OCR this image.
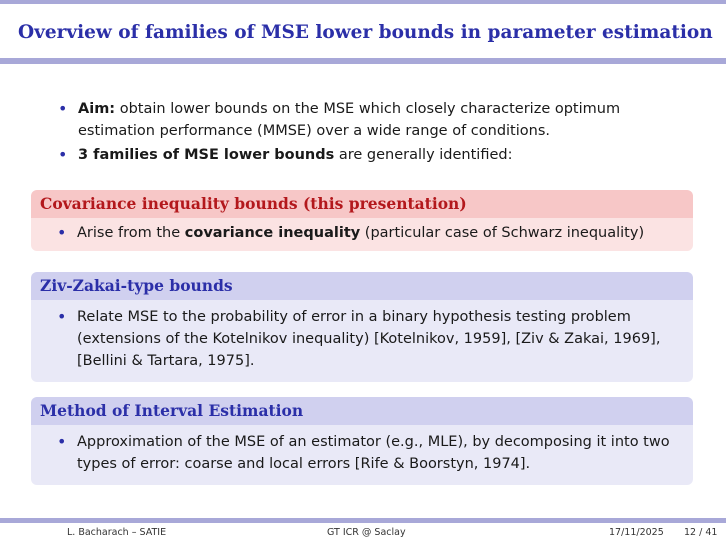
Overview of families of MSE lower bounds in parameter estimation
• Aim: obtain lower bounds on the MSE which closely characterize optimum estimation performance (MMSE) over a wide range of conditions.
• 3 families of MSE lower bounds are generally identified:
Covariance inequality bounds (this presentation)
• Arise from the covariance inequality (particular case of Schwarz inequality)
Ziv-Zakai-type bounds
• Relate MSE to the probability of error in a binary hypothesis testing problem (extensions of the Kotelnikov inequality) [Kotelnikov, 1959], [Ziv & Zakai, 1969], [Bellini & Tartara, 1975].
Method of Interval Estimation
• Approximation of the MSE of an estimator (e.g., MLE), by decomposing it into two types of error: coarse and local errors [Rife & Boorstyn, 1974].
L. Bacharach – SATIE	GT ICR @ Saclay	17/11/2025 12 / 41
